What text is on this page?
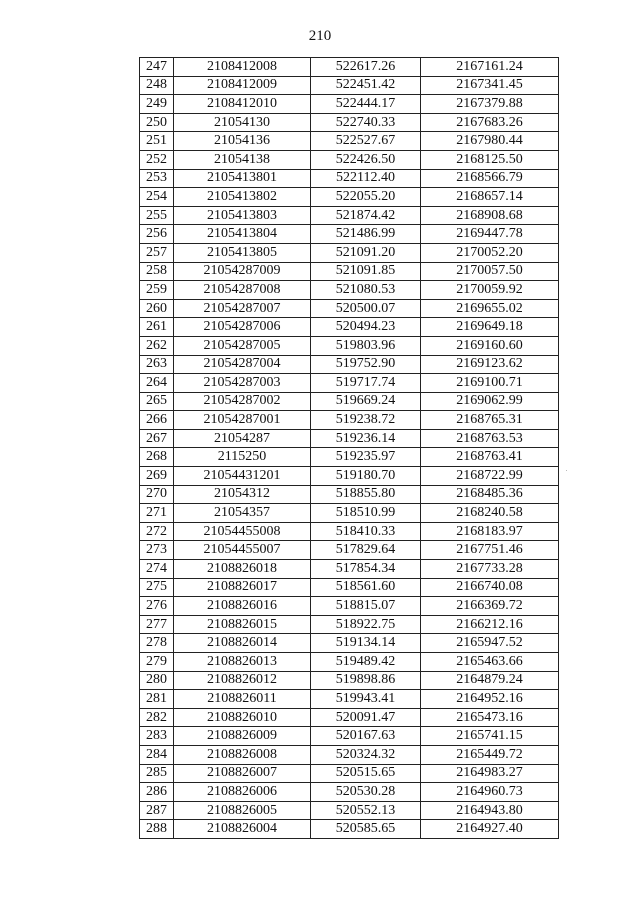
210
247	2108412008	522617.26	2167161.24
248	2108412009	522451.42	2167341.45
249	2108412010	522444.17	2167379.88
250	21054130	522740.33	2167683.26
251	21054136	522527.67	2167980.44
252	21054138	522426.50	2168125.50
253	2105413801	522112.40	2168566.79
254	2105413802	522055.20	2168657.14
255	2105413803	521874.42	2168908.68
256	2105413804	521486.99	2169447.78
257	2105413805	521091.20	2170052.20
258	21054287009	521091.85	2170057.50
259	21054287008	521080.53	2170059.92
260	21054287007	520500.07	2169655.02
261	21054287006	520494.23	2169649.18
262	21054287005	519803.96	2169160.60
263	21054287004	519752.90	2169123.62
264	21054287003	519717.74	2169100.71
265	21054287002	519669.24	2169062.99
266	21054287001	519238.72	2168765.31
267	21054287	519236.14	2168763.53
268	2115250	519235.97	2168763.41
269	21054431201	519180.70	2168722.99
270	21054312	518855.80	2168485.36
271	21054357	518510.99	2168240.58
272	21054455008	518410.33	2168183.97
273	21054455007	517829.64	2167751.46
274	2108826018	517854.34	2167733.28
275	2108826017	518561.60	2166740.08
276	2108826016	518815.07	2166369.72
277	2108826015	518922.75	2166212.16
278	2108826014	519134.14	2165947.52
279	2108826013	519489.42	2165463.66
280	2108826012	519898.86	2164879.24
281	2108826011	519943.41	2164952.16
282	2108826010	520091.47	2165473.16
283	2108826009	520167.63	2165741.15
284	2108826008	520324.32	2165449.72
285	2108826007	520515.65	2164983.27
286	2108826006	520530.28	2164960.73
287	2108826005	520552.13	2164943.80
288	2108826004	520585.65	2164927.40
